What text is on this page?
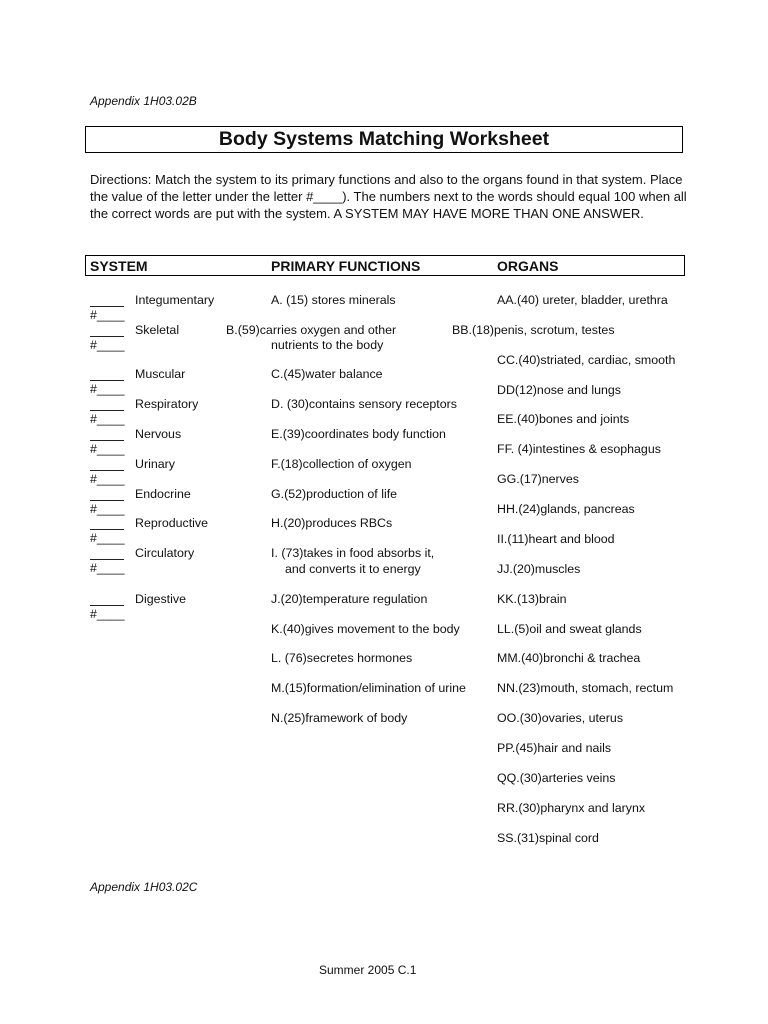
Appendix 1H03.02B
Body Systems Matching Worksheet
Directions: Match the system to its primary functions and also to the organs found in that system. Place the value of the letter under the letter #____). The numbers next to the words should equal 100 when all the correct words are put with the system. A SYSTEM MAY HAVE MORE THAN ONE ANSWER.
SYSTEM	PRIMARY FUNCTIONS	ORGANS
Integumentary
#____
Skeletal
#____
Muscular
#____
Respiratory
#____
Nervous
#____
Urinary
#____
Endocrine
#____
Reproductive
#____
Circulatory
#____
Digestive
#____
A. (15) stores minerals
B.(59)carries oxygen and other
nutrients to the body
C.(45)water balance
D. (30)contains sensory receptors
E.(39)coordinates body function
F.(18)collection of oxygen
G.(52)production of life
H.(20)produces RBCs
I. (73)takes in food absorbs it,
and converts it to energy
J.(20)temperature regulation
K.(40)gives movement to the body
L. (76)secretes hormones
M.(15)formation/elimination of urine
N.(25)framework of body
AA.(40) ureter, bladder, urethra
BB.(18)penis, scrotum, testes
CC.(40)striated, cardiac, smooth
DD(12)nose and lungs
EE.(40)bones and joints
FF. (4)intestines & esophagus
GG.(17)nerves
HH.(24)glands, pancreas
II.(11)heart and blood
JJ.(20)muscles
KK.(13)brain
LL.(5)oil and sweat glands
MM.(40)bronchi & trachea
NN.(23)mouth, stomach, rectum
OO.(30)ovaries, uterus
PP.(45)hair and nails
QQ.(30)arteries veins
RR.(30)pharynx and larynx
SS.(31)spinal cord
Appendix 1H03.02C
Summer 2005 C.1
